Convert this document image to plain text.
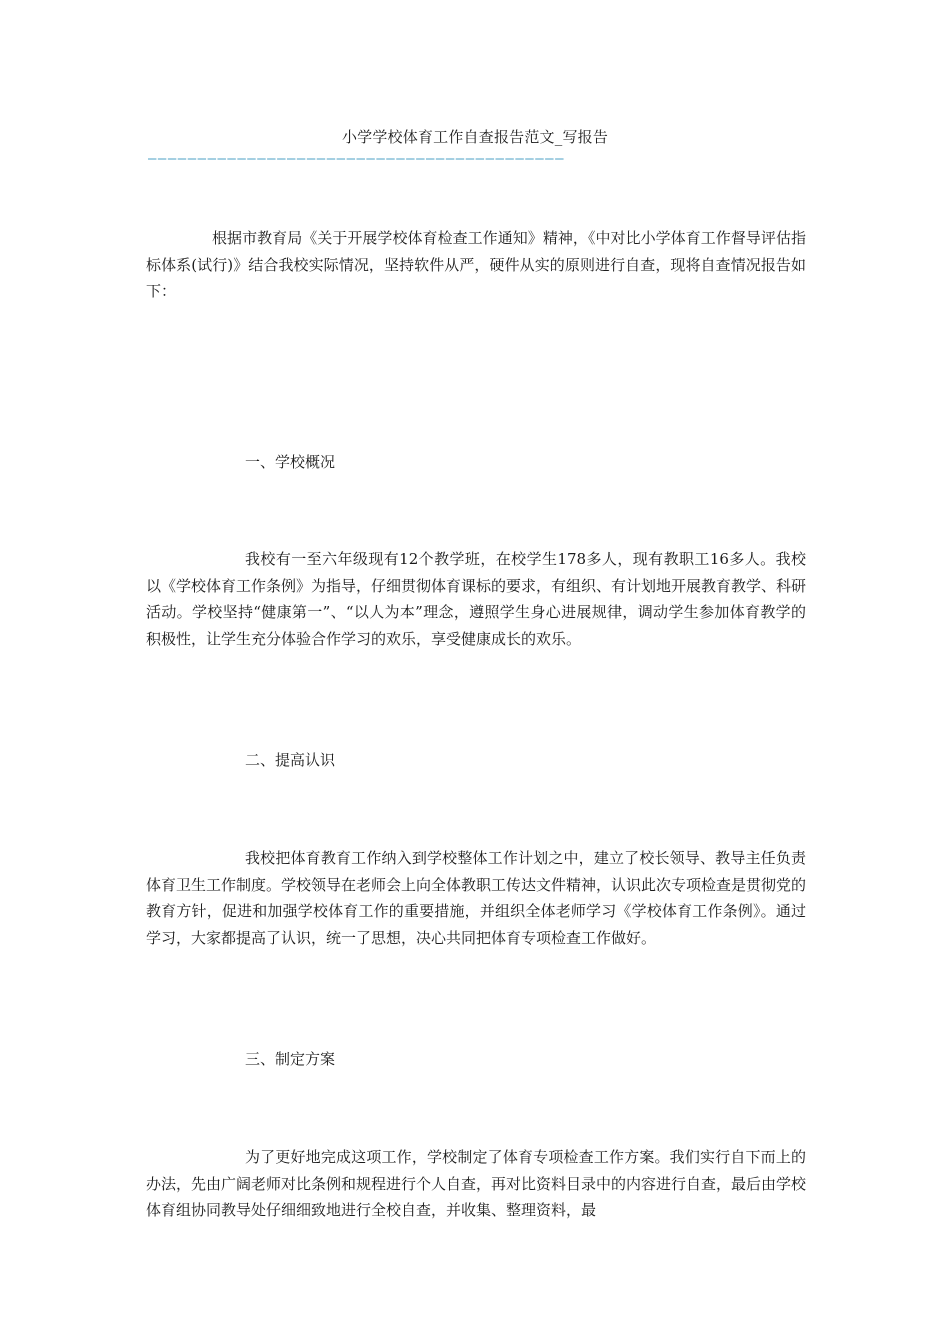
小学学校体育工作自查报告范文_写报告
——————————————————————————————————————————

根据市教育局《关于开展学校体育检查工作通知》精神，《中对比小学体育工作督导评估指标体系(试行)》结合我校实际情况，坚持软件从严，硬件从实的原则进行自查，现将自查情况报告如下：

一、学校概况

我校有一至六年级现有12个教学班，在校学生178多人，现有教职工16多人。我校以《学校体育工作条例》为指导，仔细贯彻体育课标的要求，有组织、有计划地开展教育教学、科研活动。学校坚持“健康第一”、“以人为本”理念，遵照学生身心进展规律，调动学生参加体育教学的积极性，让学生充分体验合作学习的欢乐，享受健康成长的欢乐。

二、提高认识

我校把体育教育工作纳入到学校整体工作计划之中，建立了校长领导、教导主任负责体育卫生工作制度。学校领导在老师会上向全体教职工传达文件精神，认识此次专项检查是贯彻党的教育方针，促进和加强学校体育工作的重要措施，并组织全体老师学习《学校体育工作条例》。通过学习，大家都提高了认识，统一了思想，决心共同把体育专项检查工作做好。

三、制定方案

为了更好地完成这项工作，学校制定了体育专项检查工作方案。我们实行自下而上的办法，先由广阔老师对比条例和规程进行个人自查，再对比资料目录中的内容进行自查，最后由学校体育组协同教导处仔细细致地进行全校自查，并收集、整理资料，最
